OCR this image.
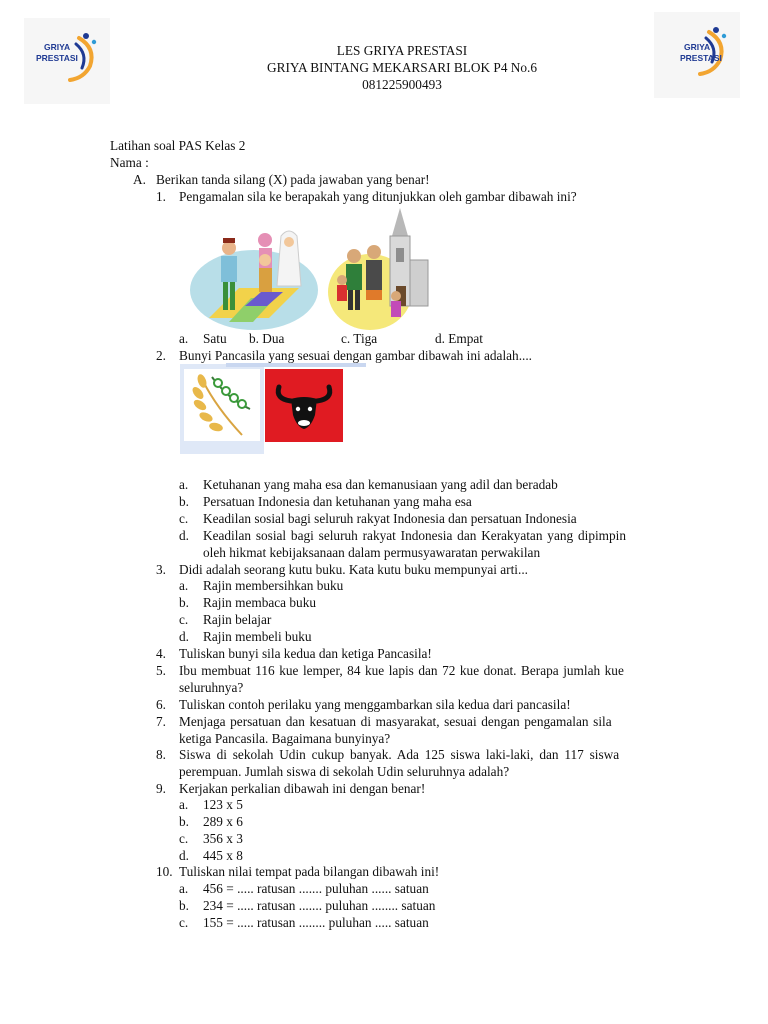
GRIYA
PRESTASI
GRIYA
PRESTASI
LES GRIYA PRESTASI
GRIYA BINTANG MEKARSARI BLOK P4 No.6
081225900493
Latihan soal PAS Kelas 2
Nama :
A. Berikan tanda silang (X) pada jawaban yang benar!
1. Pengamalan sila ke berapakah yang ditunjukkan oleh gambar dibawah ini?
a. Satu b. Dua	c. Tiga	d. Empat
2. Bunyi Pancasila yang sesuai dengan gambar dibawah ini adalah....
a. Ketuhanan yang maha esa dan kemanusiaan yang adil dan beradab
b. Persatuan Indonesia dan ketuhanan yang maha esa
c. Keadilan sosial bagi seluruh rakyat Indonesia dan persatuan Indonesia
d. Keadilan sosial bagi seluruh rakyat Indonesia dan Kerakyatan yang dipimpin
oleh hikmat kebijaksanaan dalam permusyawaratan perwakilan
3. Didi adalah seorang kutu buku. Kata kutu buku mempunyai arti...
a. Rajin membersihkan buku
b. Rajin membaca buku
c. Rajin belajar
d. Rajin membeli buku
4. Tuliskan bunyi sila kedua dan ketiga Pancasila!
5. Ibu membuat 116 kue lemper, 84 kue lapis dan 72 kue donat. Berapa jumlah kue
seluruhnya?
6. Tuliskan contoh perilaku yang menggambarkan sila kedua dari pancasila!
7. Menjaga persatuan dan kesatuan di masyarakat, sesuai dengan pengamalan sila
ketiga Pancasila. Bagaimana bunyinya?
8. Siswa di sekolah Udin cukup banyak. Ada 125 siswa laki-laki, dan 117 siswa
perempuan. Jumlah siswa di sekolah Udin seluruhnya adalah?
9. Kerjakan perkalian dibawah ini dengan benar!
a. 123 x 5
b. 289 x 6
c. 356 x 3
d. 445 x 8
10. Tuliskan nilai tempat pada bilangan dibawah ini!
a. 456 = ..... ratusan ....... puluhan ...... satuan
b. 234 = ..... ratusan ....... puluhan ........ satuan
c. 155 = ..... ratusan ........ puluhan ..... satuan
